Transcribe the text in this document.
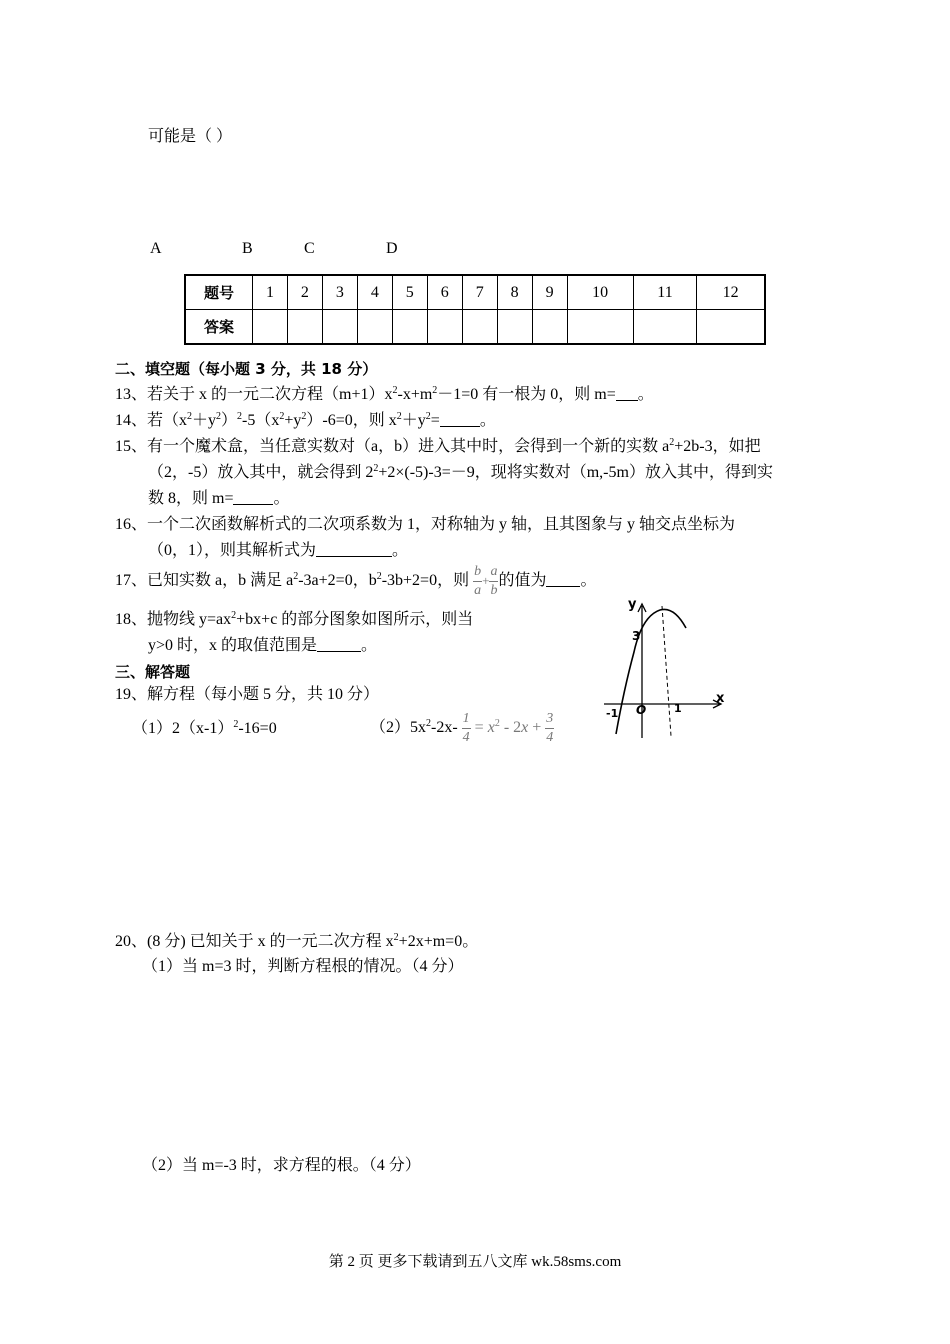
可能是（ ）
A	B	C	D
题号	1	2	3	4	5	6	7	8	9	10	11	12
答案												
二、填空题（每小题 3 分，共 18 分）
13、若关于 x 的一元二次方程$(m+1)x^2-x+m^2-1=0$ 有一根为 0，则 m= 。
14、若$(x^2+y^2)^2-5(x^2+y^2)-6=0$，则 $x^2+y^2=$	。
15、有一个魔术盒，当任意实数对（a，b）进入其中时，会得到一个新的实数 $a^2+2b-3$，如把
（2，-5）放入其中，就会得到 $2^2+2\times(-5)-3=-9$，现将实数对（m,-5m）放入其中，得到实
数 8，则 m=	。
16、一个二次函数解析式的二次项系数为 1，对称轴为 y 轴，且其图象与 y 轴交点坐标为
（0，1），则其解析式为	。
17、已知实数 a，b 满足 $a^2-3a+2=0$，$b^2-3b+2=0$，则 $\frac{b}{a} + \frac{a}{b}$ 的值为 。
18、抛物线 $y=ax^2+bx+c$ 的部分图象如图所示，则当
y>0 时，x 的取值范围是	。
y
x
3
-1 O	1
三、解答题
19、解方程（每小题 5 分，共 10 分）
$(1)2(x-1)^2-16=0$	$(2)5x^2-2x- \frac{1}{4} = x^2 - 2x + \frac{3}{4}$
20、(8 分) 已知关于 x 的一元二次方程 $x^2+2x+m=0$。
（1）当 m=3 时，判断方程根的情况。（4 分）
（2）当 m=-3 时，求方程的根。（4 分）
第 2 页 更多下载请到五八文库 wk.58sms.com
